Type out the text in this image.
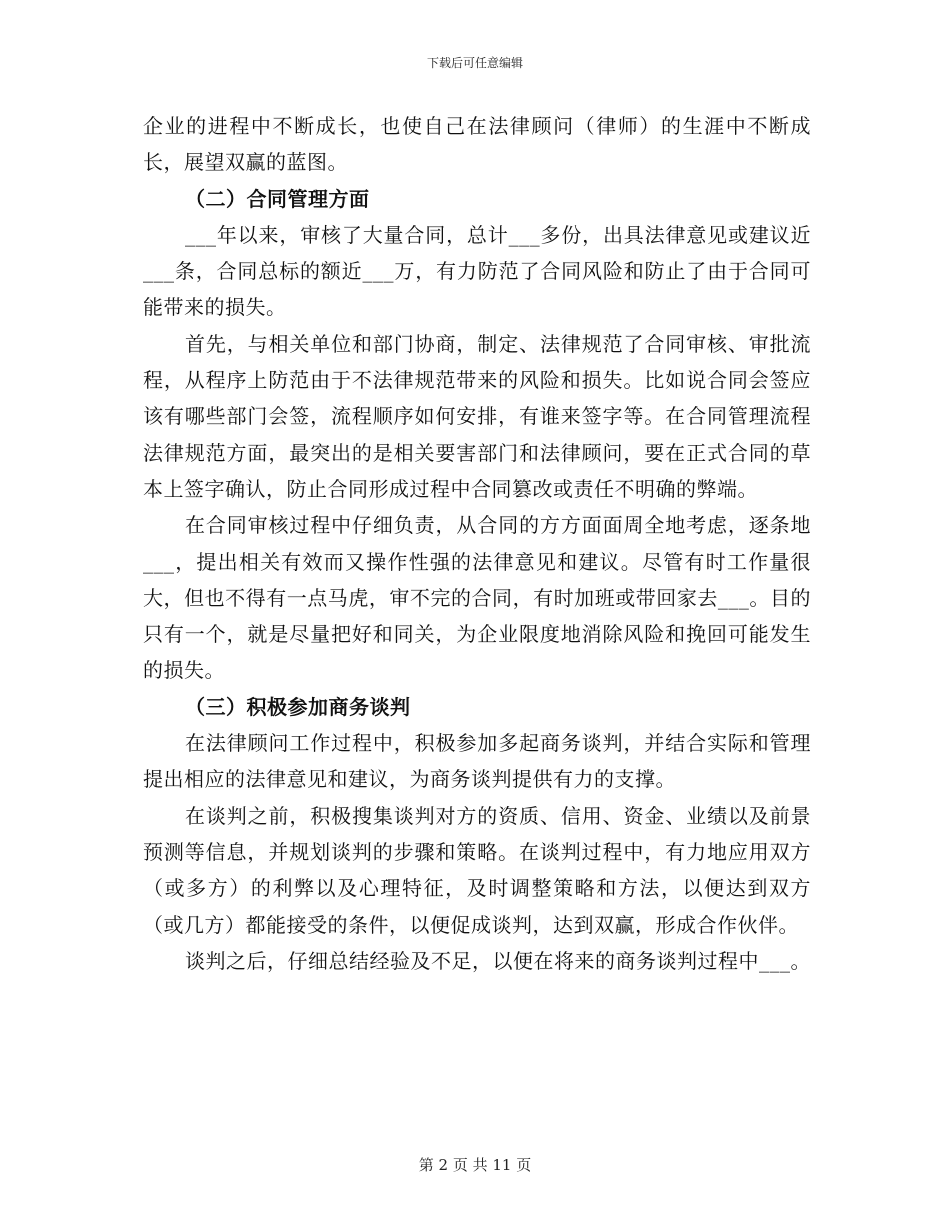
下载后可任意编辑

企业的进程中不断成长，也使自己在法律顾问（律师）的生涯中不断成长，展望双赢的蓝图。

（二）合同管理方面

___年以来，审核了大量合同，总计___多份，出具法律意见或建议近___条，合同总标的额近___万，有力防范了合同风险和防止了由于合同可能带来的损失。

首先，与相关单位和部门协商，制定、法律规范了合同审核、审批流程，从程序上防范由于不法律规范带来的风险和损失。比如说合同会签应该有哪些部门会签，流程顺序如何安排，有谁来签字等。在合同管理流程法律规范方面，最突出的是相关要害部门和法律顾问，要在正式合同的草本上签字确认，防止合同形成过程中合同篡改或责任不明确的弊端。

在合同审核过程中仔细负责，从合同的方方面面周全地考虑，逐条地___，提出相关有效而又操作性强的法律意见和建议。尽管有时工作量很大，但也不得有一点马虎，审不完的合同，有时加班或带回家去___。目的只有一个，就是尽量把好和同关，为企业限度地消除风险和挽回可能发生的损失。

（三）积极参加商务谈判

在法律顾问工作过程中，积极参加多起商务谈判，并结合实际和管理提出相应的法律意见和建议，为商务谈判提供有力的支撑。

在谈判之前，积极搜集谈判对方的资质、信用、资金、业绩以及前景预测等信息，并规划谈判的步骤和策略。在谈判过程中，有力地应用双方（或多方）的利弊以及心理特征，及时调整策略和方法，以便达到双方（或几方）都能接受的条件，以便促成谈判，达到双赢，形成合作伙伴。

谈判之后，仔细总结经验及不足，以便在将来的商务谈判过程中___。

第 2 页 共 11 页
